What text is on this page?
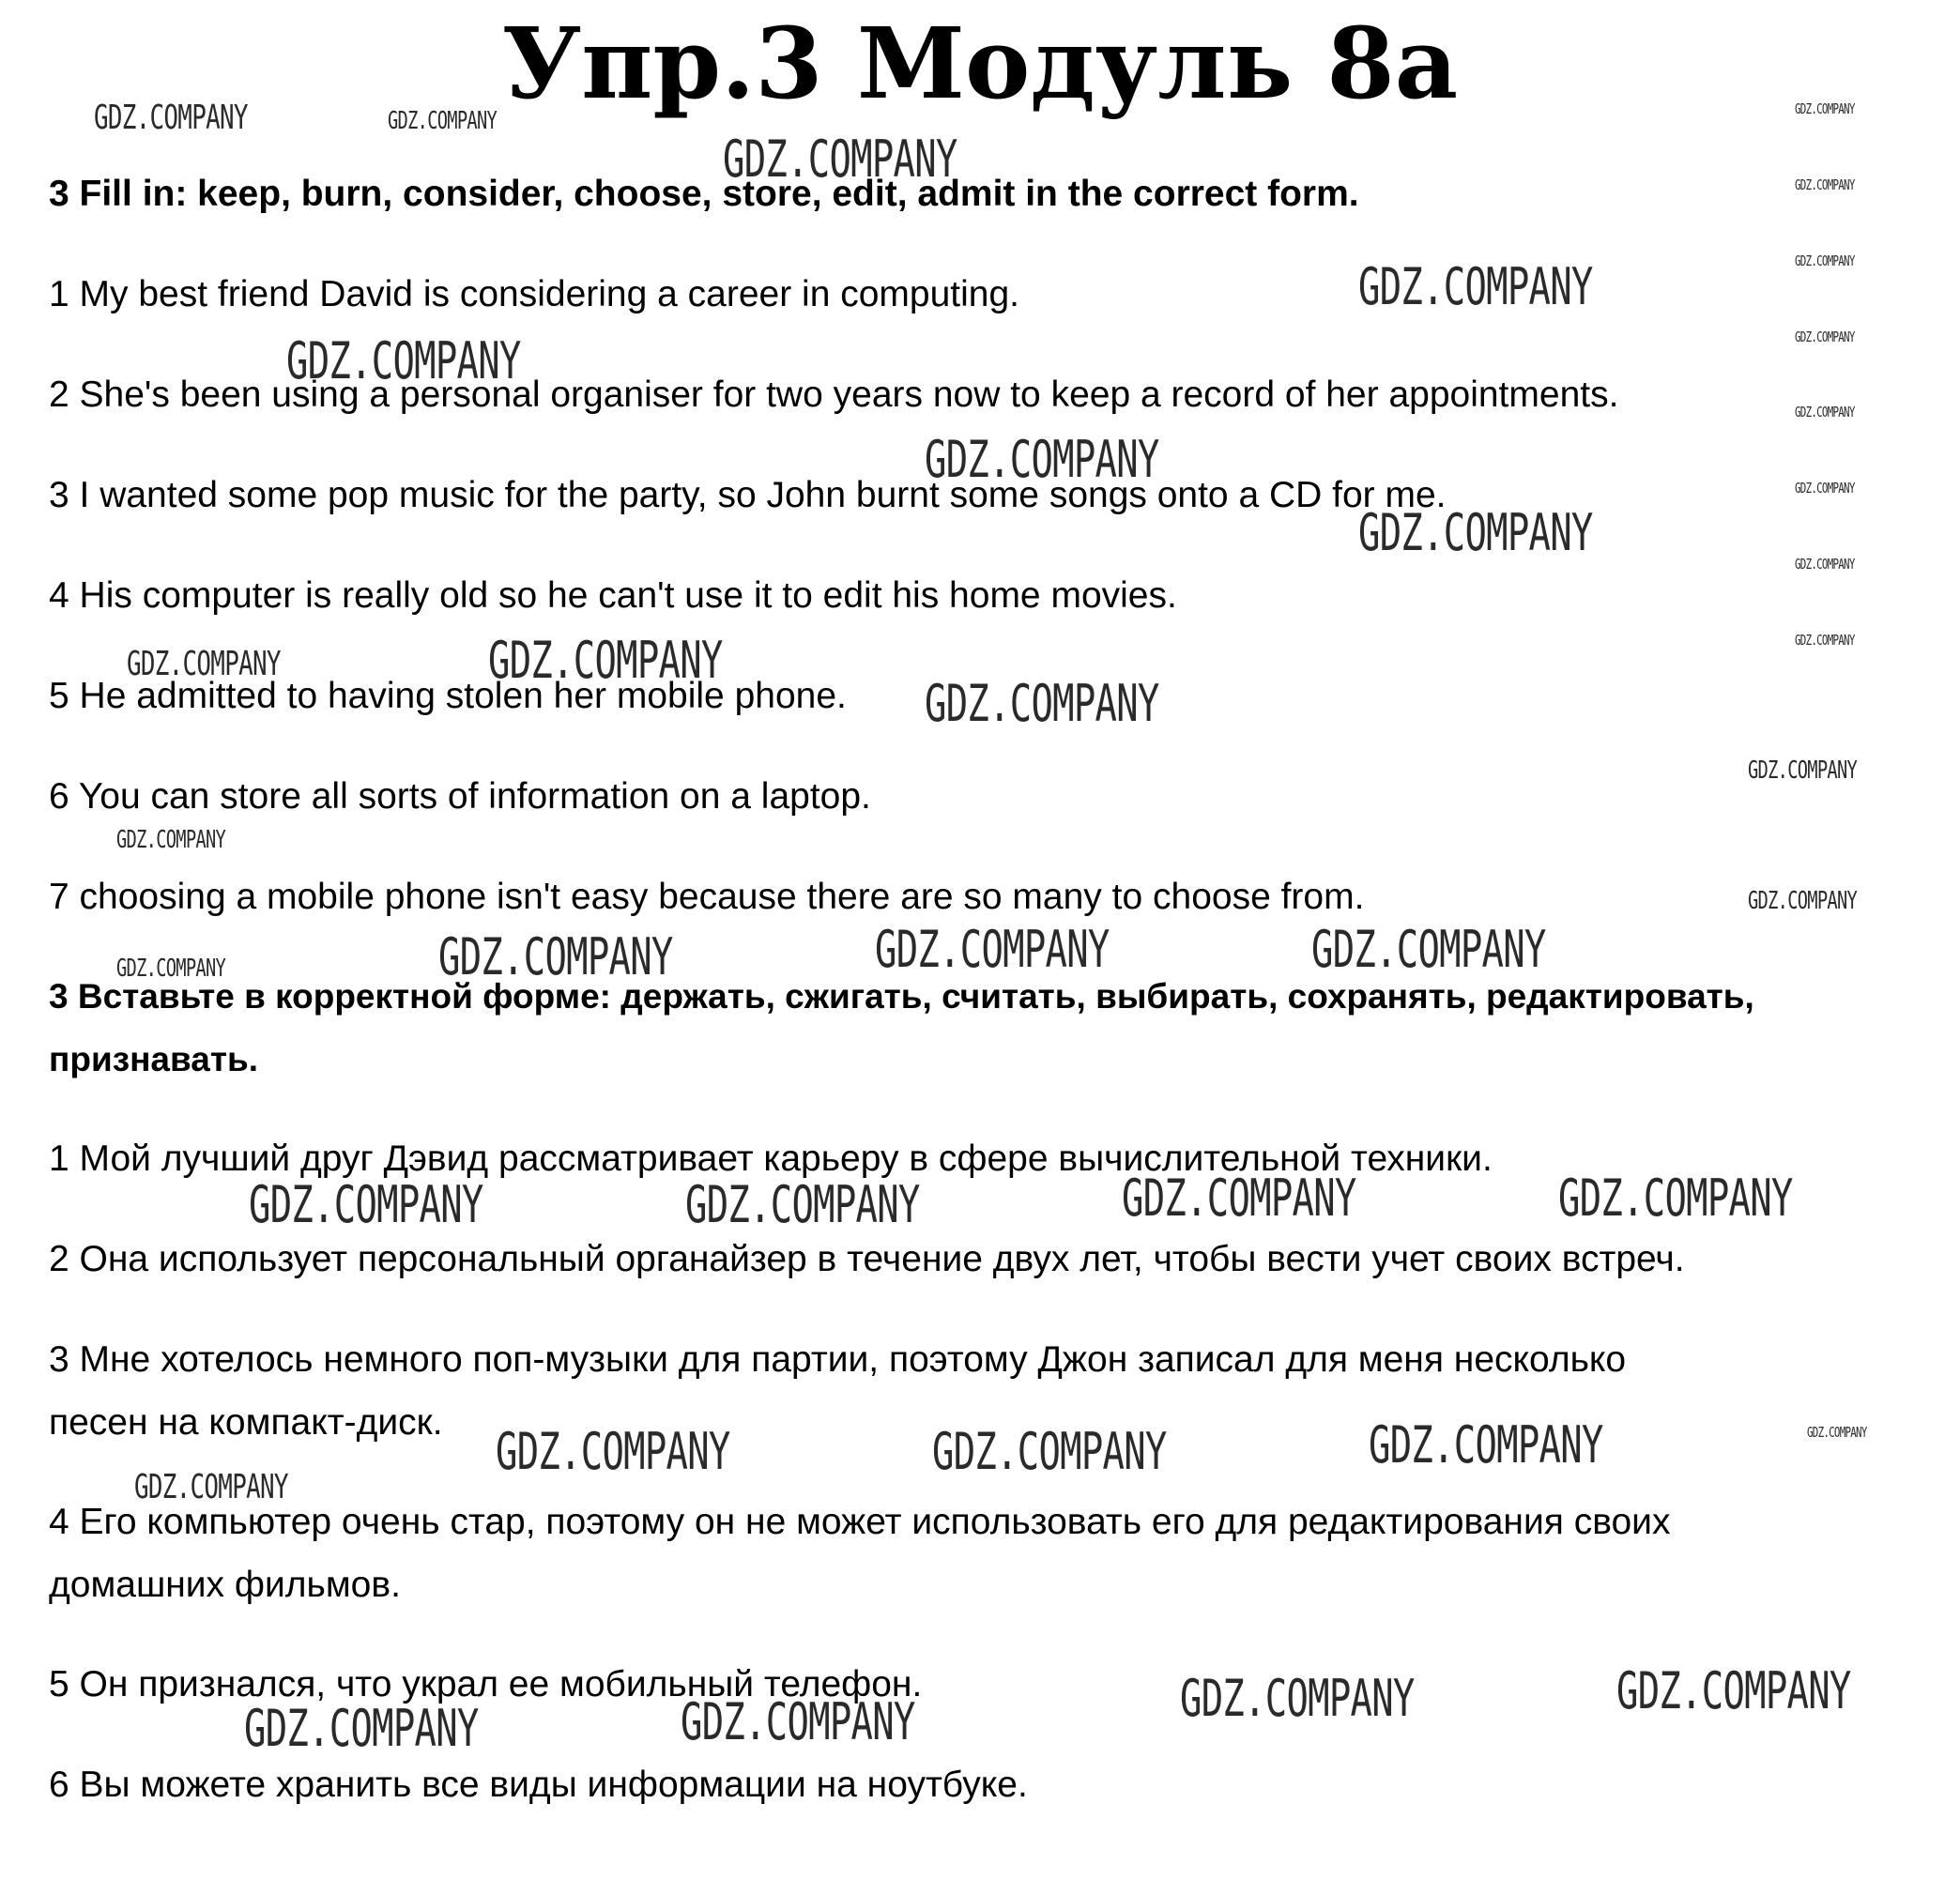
Упр.3 Модуль 8а

3 Fill in: keep, burn, consider, choose, store, edit, admit in the correct form.

1 My best friend David is considering a career in computing.

2 She's been using a personal organiser for two years now to keep a record of her appointments.

3 I wanted some pop music for the party, so John burnt some songs onto a CD for me.

4 His computer is really old so he can't use it to edit his home movies.

5 He admitted to having stolen her mobile phone.

6 You can store all sorts of information on a laptop.

7 choosing a mobile phone isn't easy because there are so many to choose from.

3 Вставьте в корректной форме: держать, сжигать, считать, выбирать, сохранять, редактировать,

признавать.

1 Мой лучший друг Дэвид рассматривает карьеру в сфере вычислительной техники.

2 Она использует персональный органайзер в течение двух лет, чтобы вести учет своих встреч.

3 Мне хотелось немного поп-музыки для партии, поэтому Джон записал для меня несколько

песен на компакт-диск.

4 Его компьютер очень стар, поэтому он не может использовать его для редактирования своих

домашних фильмов.

5 Он признался, что украл ее мобильный телефон.

6 Вы можете хранить все виды информации на ноутбуке.

GDZ.COMPANY	GDZ.COMPANY

GDZ.COMPANY

GDZ.COMPANY

GDZ.COMPANY

GDZ.COMPANY

GDZ.COMPANY

GDZ.COMPANY

GDZ.COMPANY

GDZ.COMPANY

GDZ.COMPANY	GDZ.COMPANY

GDZ.COMPANY

GDZ.COMPANY

GDZ.COMPANY

GDZ.COMPANY	GDZ.COMPANY

GDZ.COMPANY

GDZ.COMPANY

GDZ.COMPANY

GDZ.COMPANY

GDZ.COMPANY	GDZ.COMPANY	GDZ.COMPANY	GDZ.COMPANY

GDZ.COMPANY	GDZ.COMPANY	GDZ.COMPANY	GDZ.COMPANY

GDZ.COMPANY	GDZ.COMPANY	GDZ.COMPANY	GDZ.COMPANY

GDZ.COMPANY

GDZ.COMPANY	GDZ.COMPANY

GDZ.COMPANY	GDZ.COMPANY
